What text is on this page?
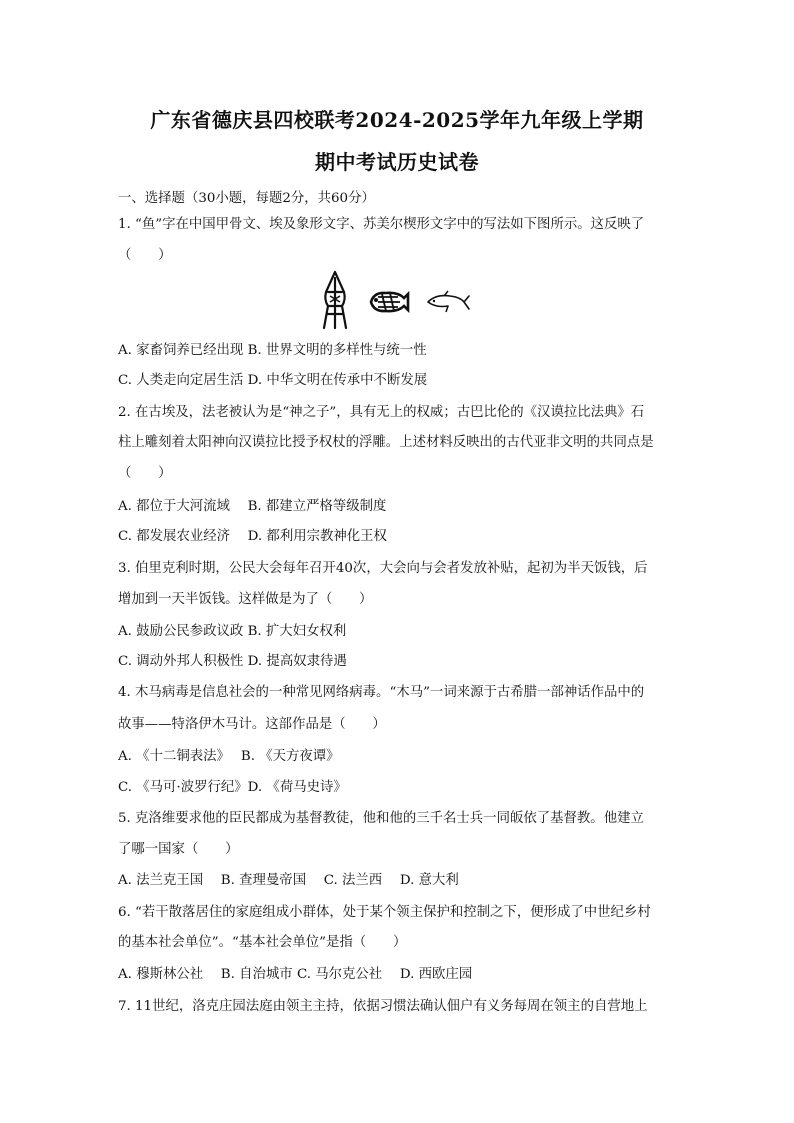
广东省德庆县四校联考2024-2025学年九年级上学期
期中考试历史试卷
一、选择题（30小题，每题2分，共60分）
1. “鱼”字在中国甲骨文、埃及象形文字、苏美尔楔形文字中的写法如下图所示。这反映了
（　　）
A. 家畜饲养已经出现 B. 世界文明的多样性与统一性
C. 人类走向定居生活 D. 中华文明在传承中不断发展
2. 在古埃及，法老被认为是“神之子”，具有无上的权威；古巴比伦的《汉谟拉比法典》石
柱上雕刻着太阳神向汉谟拉比授予权杖的浮雕。上述材料反映出的古代亚非文明的共同点是
（　　）
A. 都位于大河流域　 B. 都建立严格等级制度
C. 都发展农业经济　 D. 都利用宗教神化王权
3. 伯里克利时期，公民大会每年召开40次，大会向与会者发放补贴，起初为半天饭钱，后
增加到一天半饭钱。这样做是为了（　　）
A. 鼓励公民参政议政 B. 扩大妇女权利
C. 调动外邦人积极性 D. 提高奴隶待遇
4. 木马病毒是信息社会的一种常见网络病毒。“木马”一词来源于古希腊一部神话作品中的
故事——特洛伊木马计。这部作品是（　　）
A. 《十二铜表法》　 B. 《天方夜谭》
C. 《马可·波罗行纪》D. 《荷马史诗》
5. 克洛维要求他的臣民都成为基督教徒，他和他的三千名士兵一同皈依了基督教。他建立
了哪一国家（　　）
A. 法兰克王国　 B. 查理曼帝国　 C. 法兰西　 D. 意大利
6. “若干散落居住的家庭组成小群体，处于某个领主保护和控制之下，便形成了中世纪乡村
的基本社会单位”。“基本社会单位”是指（　　）
A. 穆斯林公社　 B. 自治城市 C. 马尔克公社　 D. 西欧庄园
7. 11世纪，洛克庄园法庭由领主主持，依据习惯法确认佃户有义务每周在领主的自营地上
